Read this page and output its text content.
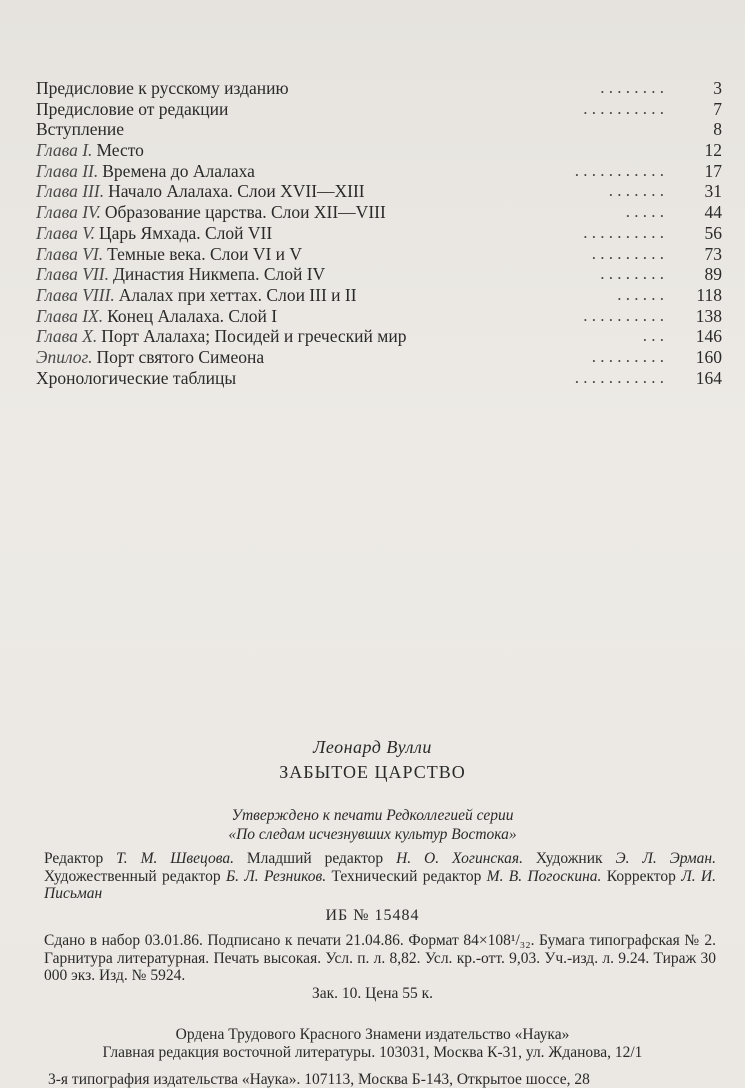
Предисловие к русскому изданию	. . . . . . . .	3
Предисловие от редакции	. . . . . . . . . .	7
Вступление	8
Глава I. Место	12
Глава II. Времена до Алалаха	. . . . . . . . . . . 17
Глава III. Начало Алалаха. Слои XVII—XIII	. . . . . . . 31
Глава IV. Образование царства. Слои XII—VIII	. . . . . 44
Глава V. Царь Ямхада. Слой VII	. . . . . . . . . . 56
Глава VI. Темные века. Слои VI и V	. . . . . . . . . 73
Глава VII. Династия Никмепа. Слой IV	. . . . . . . . 89
Глава VIII. Алалах при хеттах. Слои III и II	. . . . . . 118
Глава IX. Конец Алалаха. Слой I	. . . . . . . . . . 138
Глава X. Порт Алалаха; Посидей и греческий мир	. . . 146
Эпилог. Порт святого Симеона	. . . . . . . . . 160
Хронологические таблицы	. . . . . . . . . . . 164
Леонард Вулли
ЗАБЫТОЕ ЦАРСТВО
Утверждено к печати Редколлегией серии
«По следам исчезнувших культур Востока»
Редактор Т. М. Швецова. Младший редактор Н. О. Хогинская. Художник Э. Л. Эрман. Художественный редактор Б. Л. Резников. Технический редактор М. В. Погоскина. Корректор Л. И. Письман
ИБ № 15484
Сдано в набор 03.01.86. Подписано к печати 21.04.86. Формат 84×108¹/₃₂. Бумага типографская № 2. Гарнитура литературная. Печать высокая. Усл. п. л. 8,82. Усл. кр.-отт. 9,03. Уч.-изд. л. 9.24. Тираж 30 000 экз. Изд. № 5924.
Зак. 10. Цена 55 к.
Ордена Трудового Красного Знамени издательство «Наука»
Главная редакция восточной литературы. 103031, Москва К-31, ул. Жданова, 12/1
3-я типография издательства «Наука». 107113, Москва Б-143, Открытое шоссе, 28
